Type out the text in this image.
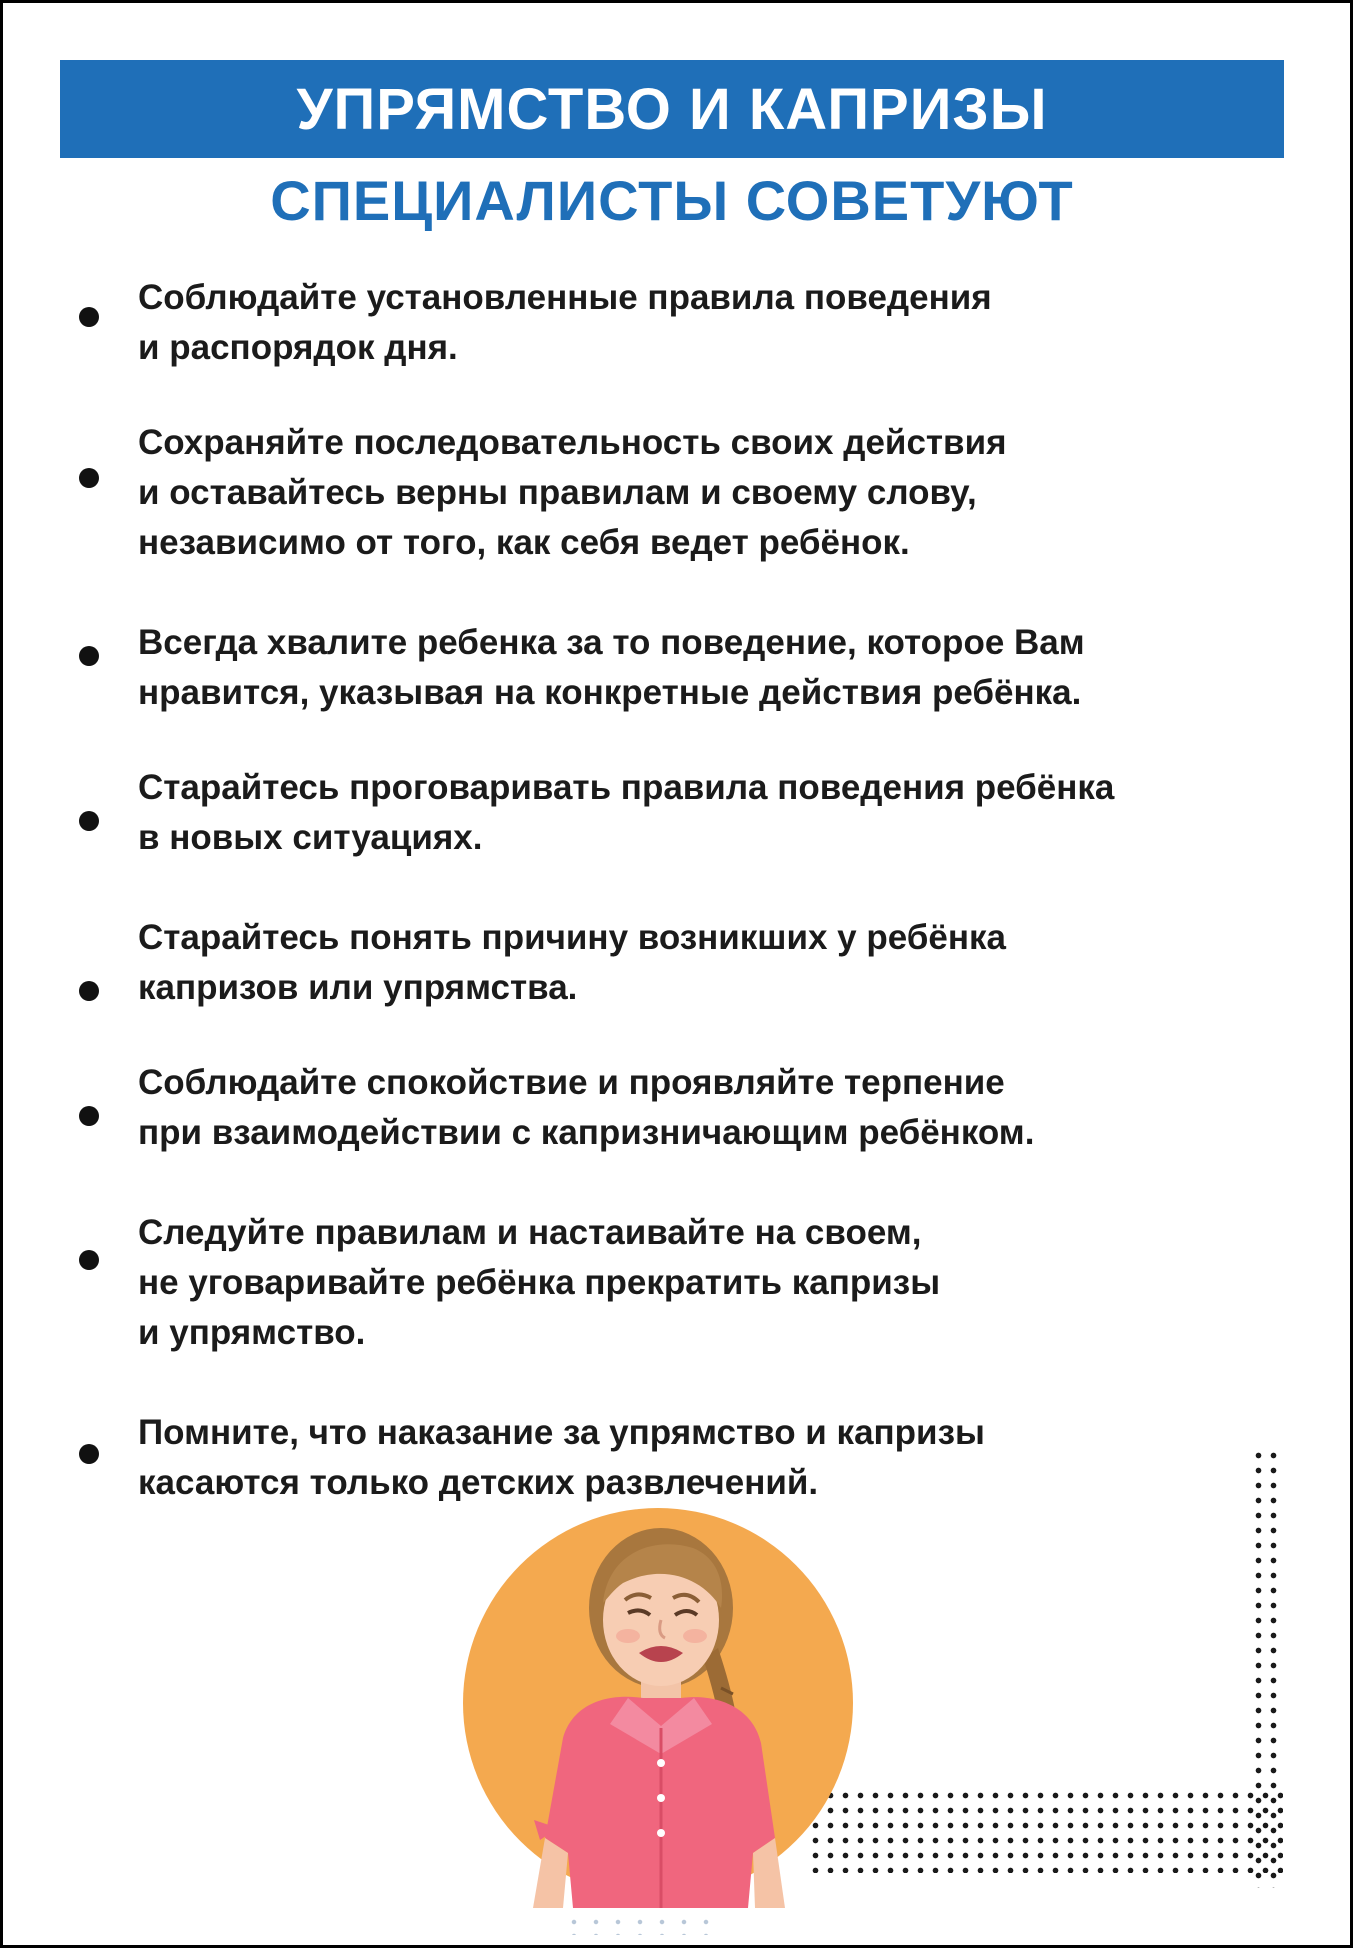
УПРЯМСТВО И КАПРИЗЫ
СПЕЦИАЛИСТЫ СОВЕТУЮТ
Соблюдайте установленные правила поведения
и распорядок дня.
Сохраняйте последовательность своих действия
и оставайтесь верны правилам и своему слову,
независимо от того, как себя ведет ребёнок.
Всегда хвалите ребенка за то поведение, которое Вам
нравится, указывая на конкретные действия ребёнка.
Старайтесь проговаривать правила поведения ребёнка
в новых ситуациях.
Старайтесь понять причину возникших у ребёнка
капризов или упрямства.
Соблюдайте спокойствие и проявляйте терпение
при взаимодействии с капризничающим ребёнком.
Следуйте правилам и настаивайте на своем,
не уговаривайте ребёнка прекратить капризы
и упрямство.
Помните, что наказание за упрямство и капризы
касаются только детских развлечений.
